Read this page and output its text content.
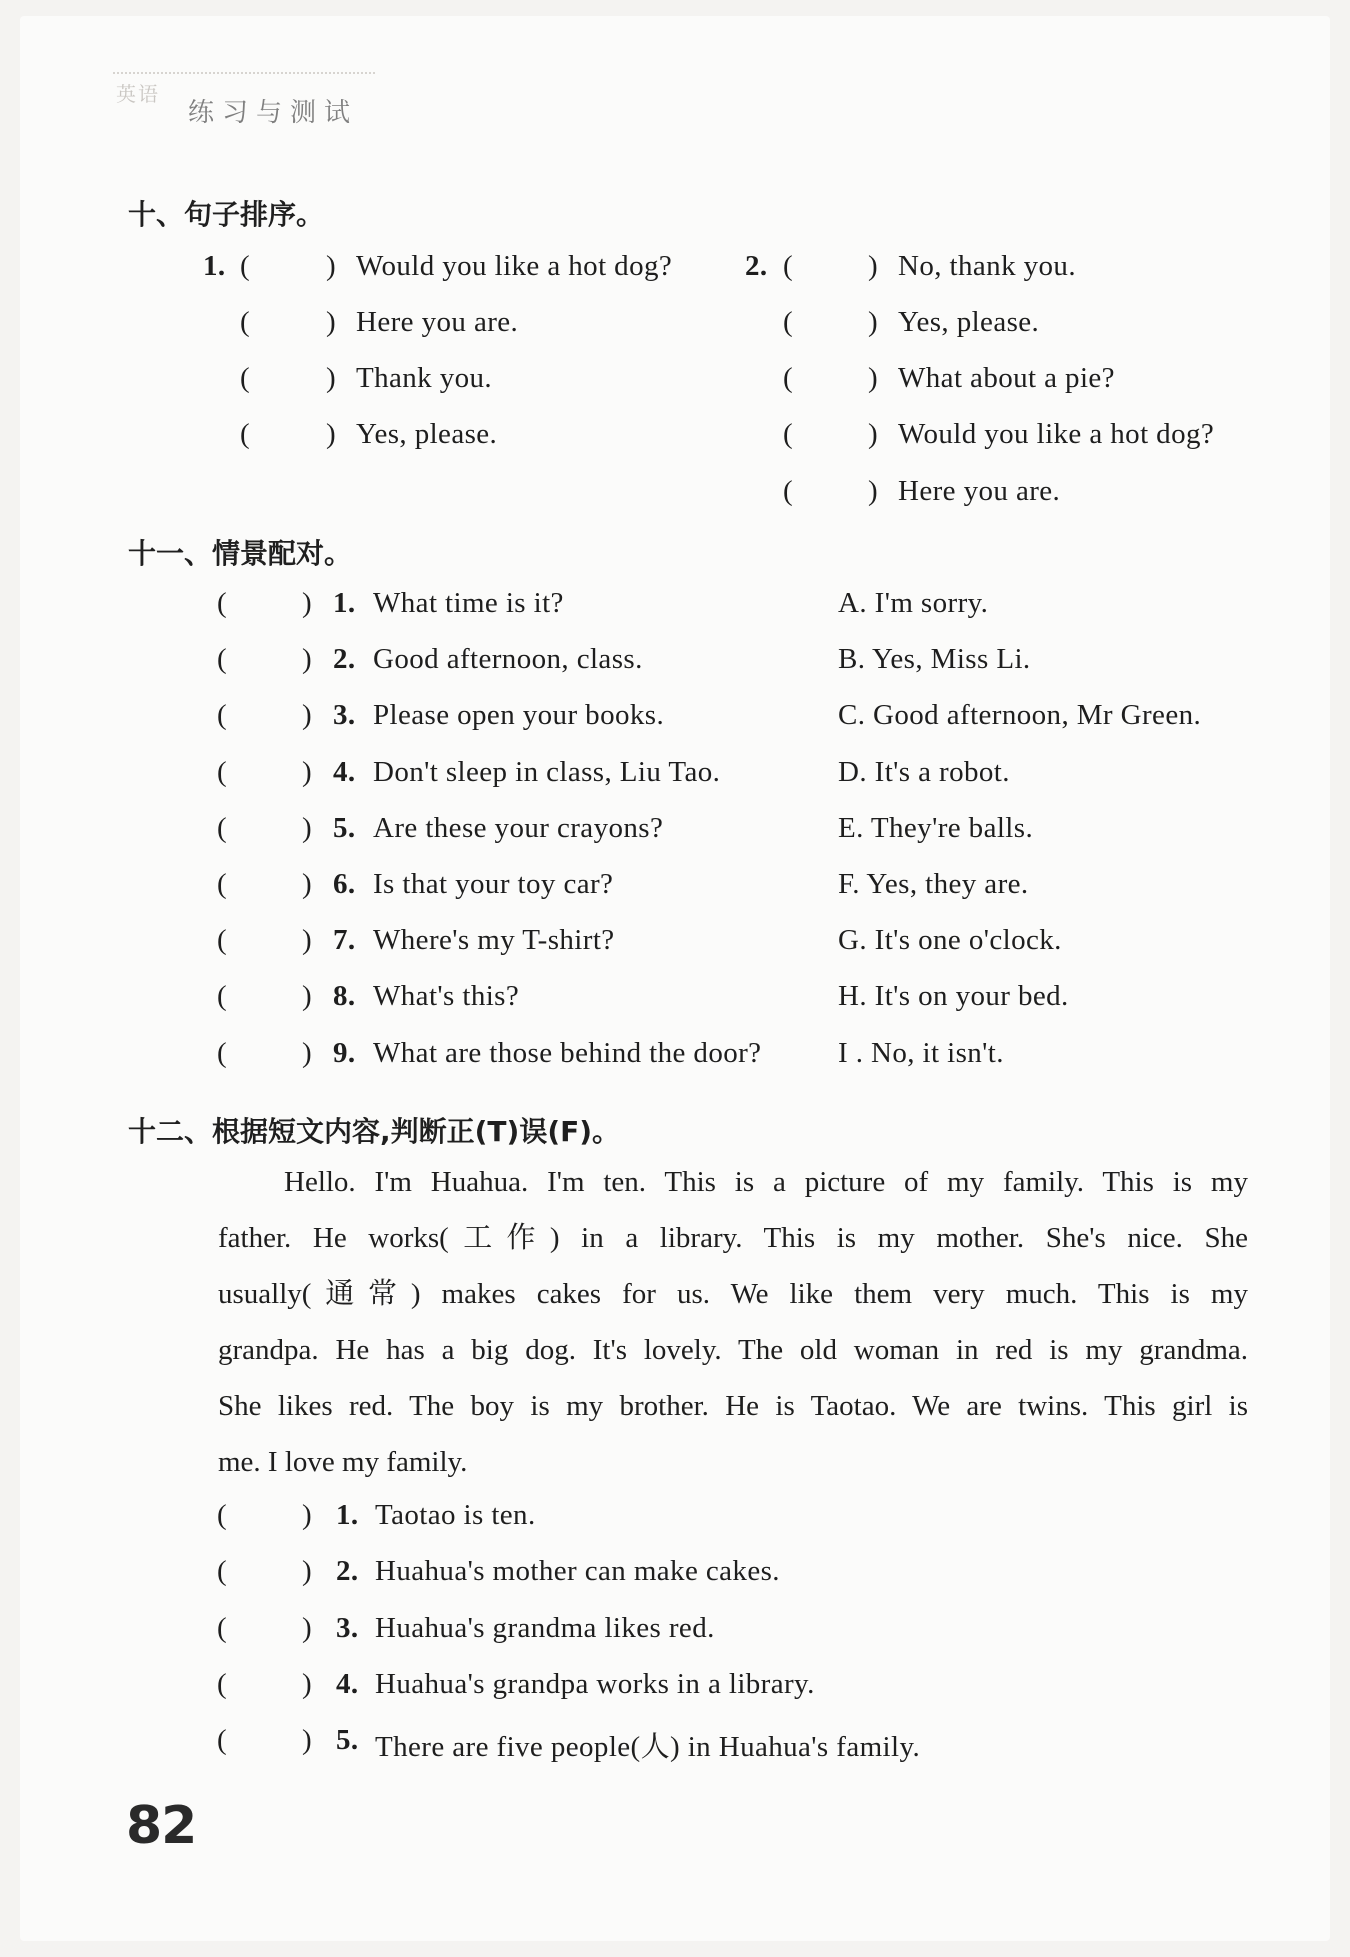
英语
练习与测试
十、句子排序。
1. (	) Would you like a hot dog?
(	) Here you are.
(	) Thank you.
(	) Yes, please.
2. (	) No, thank you.
(	) Yes, please.
(	) What about a pie?
(	) Would you like a hot dog?
(	) Here you are.
十一、情景配对。
(	) 1. What time is it?	A. I'm sorry.
(	) 2. Good afternoon, class.	B. Yes, Miss Li.
(	) 3. Please open your books.	C. Good afternoon, Mr Green.
(	) 4. Don't sleep in class, Liu Tao.	D. It's a robot.
(	) 5. Are these your crayons?	E. They're balls.
(	) 6. Is that your toy car?	F. Yes, they are.
(	) 7. Where's my T-shirt?	G. It's one o'clock.
(	) 8. What's this?	H. It's on your bed.
(	) 9. What are those behind the door?	I . No, it isn't.
十二、根据短文内容,判断正(T)误(F)。
Hello. I'm Huahua. I'm ten. This is a picture of my family. This is my
father. He works(工作) in a library. This is my mother. She's nice. She
usually(通常) makes cakes for us. We like them very much. This is my
grandpa. He has a big dog. It's lovely. The old woman in red is my grandma.
She likes red. The boy is my brother. He is Taotao. We are twins. This girl is
me. I love my family.
(	) 1. Taotao is ten.
(	) 2. Huahua's mother can make cakes.
(	) 3. Huahua's grandma likes red.
(	) 4. Huahua's grandpa works in a library.
(	) 5. There are five people(人) in Huahua's family.
82
